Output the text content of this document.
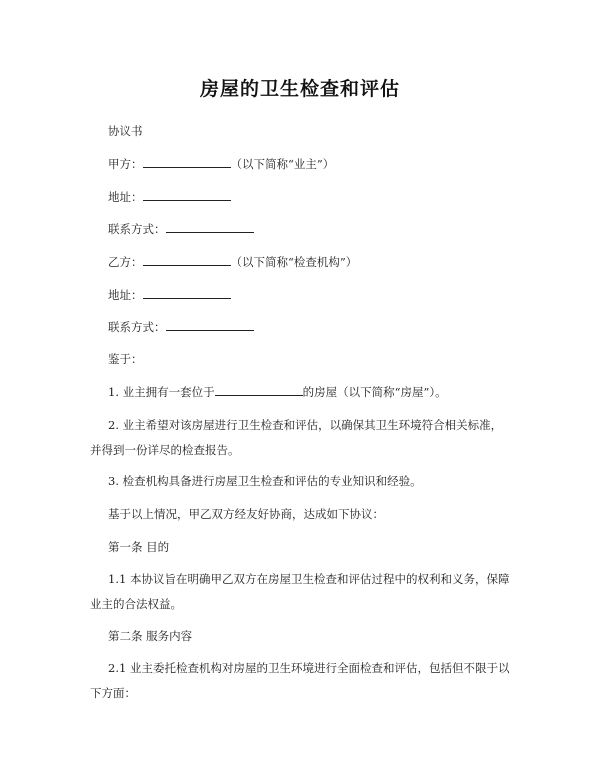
房屋的卫生检查和评估
协议书
甲方：	（以下简称“业主”）
地址：
联系方式：
乙方：	（以下简称“检查机构”）
地址：
联系方式：
鉴于：
1. 业主拥有一套位于	的房屋（以下简称“房屋”）。
2. 业主希望对该房屋进行卫生检查和评估，以确保其卫生环境符合相关标准，并得到一份详尽的检查报告。
3. 检查机构具备进行房屋卫生检查和评估的专业知识和经验。
基于以上情况，甲乙双方经友好协商，达成如下协议：
第一条 目的
1.1 本协议旨在明确甲乙双方在房屋卫生检查和评估过程中的权利和义务，保障业主的合法权益。
第二条 服务内容
2.1 业主委托检查机构对房屋的卫生环境进行全面检查和评估，包括但不限于以下方面：
